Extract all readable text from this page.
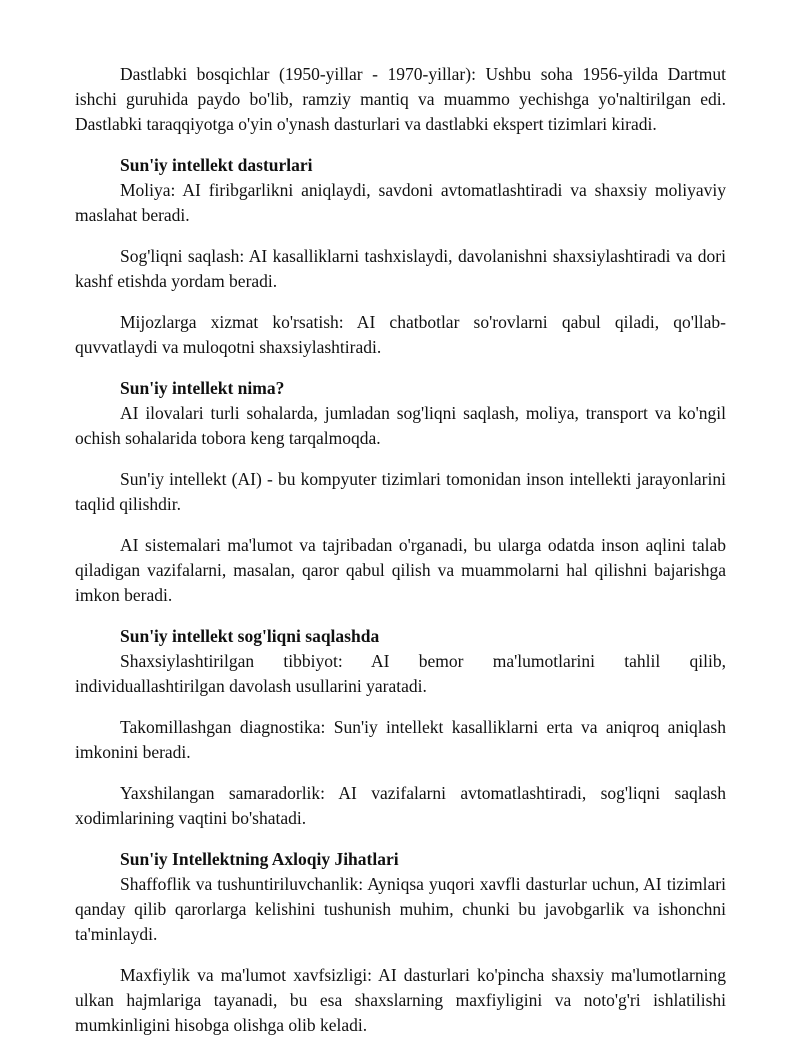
Dastlabki bosqichlar (1950-yillar - 1970-yillar): Ushbu soha 1956-yilda Dartmut ishchi guruhida paydo bo'lib, ramziy mantiq va muammo yechishga yo'naltirilgan edi. Dastlabki taraqqiyotga o'yin o'ynash dasturlari va dastlabki ekspert tizimlari kiradi.

Sun'iy intellekt dasturlari

Moliya: AI firibgarlikni aniqlaydi, savdoni avtomatlashtiradi va shaxsiy moliyaviy maslahat beradi.

Sog'liqni saqlash: AI kasalliklarni tashxislaydi, davolanishni shaxsiylashtiradi va dori kashf etishda yordam beradi.

Mijozlarga xizmat ko'rsatish: AI chatbotlar so'rovlarni qabul qiladi, qo'llab-quvvatlaydi va muloqotni shaxsiylashtiradi.

Sun'iy intellekt nima?

AI ilovalari turli sohalarda, jumladan sog'liqni saqlash, moliya, transport va ko'ngil ochish sohalarida tobora keng tarqalmoqda.

Sun'iy intellekt (AI) - bu kompyuter tizimlari tomonidan inson intellekti jarayonlarini taqlid qilishdir.

AI sistemalari ma'lumot va tajribadan o'rganadi, bu ularga odatda inson aqlini talab qiladigan vazifalarni, masalan, qaror qabul qilish va muammolarni hal qilishni bajarishga imkon beradi.

Sun'iy intellekt sog'liqni saqlashda

Shaxsiylashtirilgan tibbiyot: AI bemor ma'lumotlarini tahlil qilib, individuallashtirilgan davolash usullarini yaratadi.

Takomillashgan diagnostika: Sun'iy intellekt kasalliklarni erta va aniqroq aniqlash imkonini beradi.

Yaxshilangan samaradorlik: AI vazifalarni avtomatlashtiradi, sog'liqni saqlash xodimlarining vaqtini bo'shatadi.

Sun'iy Intellektning Axloqiy Jihatlari

Shaffoflik va tushuntiriluvchanlik: Ayniqsa yuqori xavfli dasturlar uchun, AI tizimlari qanday qilib qarorlarga kelishini tushunish muhim, chunki bu javobgarlik va ishonchni ta'minlaydi.

Maxfiylik va ma'lumot xavfsizligi: AI dasturlari ko'pincha shaxsiy ma'lumotlarning ulkan hajmlariga tayanadi, bu esa shaxslarning maxfiyligini va noto'g'ri ishlatilishi mumkinligini hisobga olishga olib keladi.
